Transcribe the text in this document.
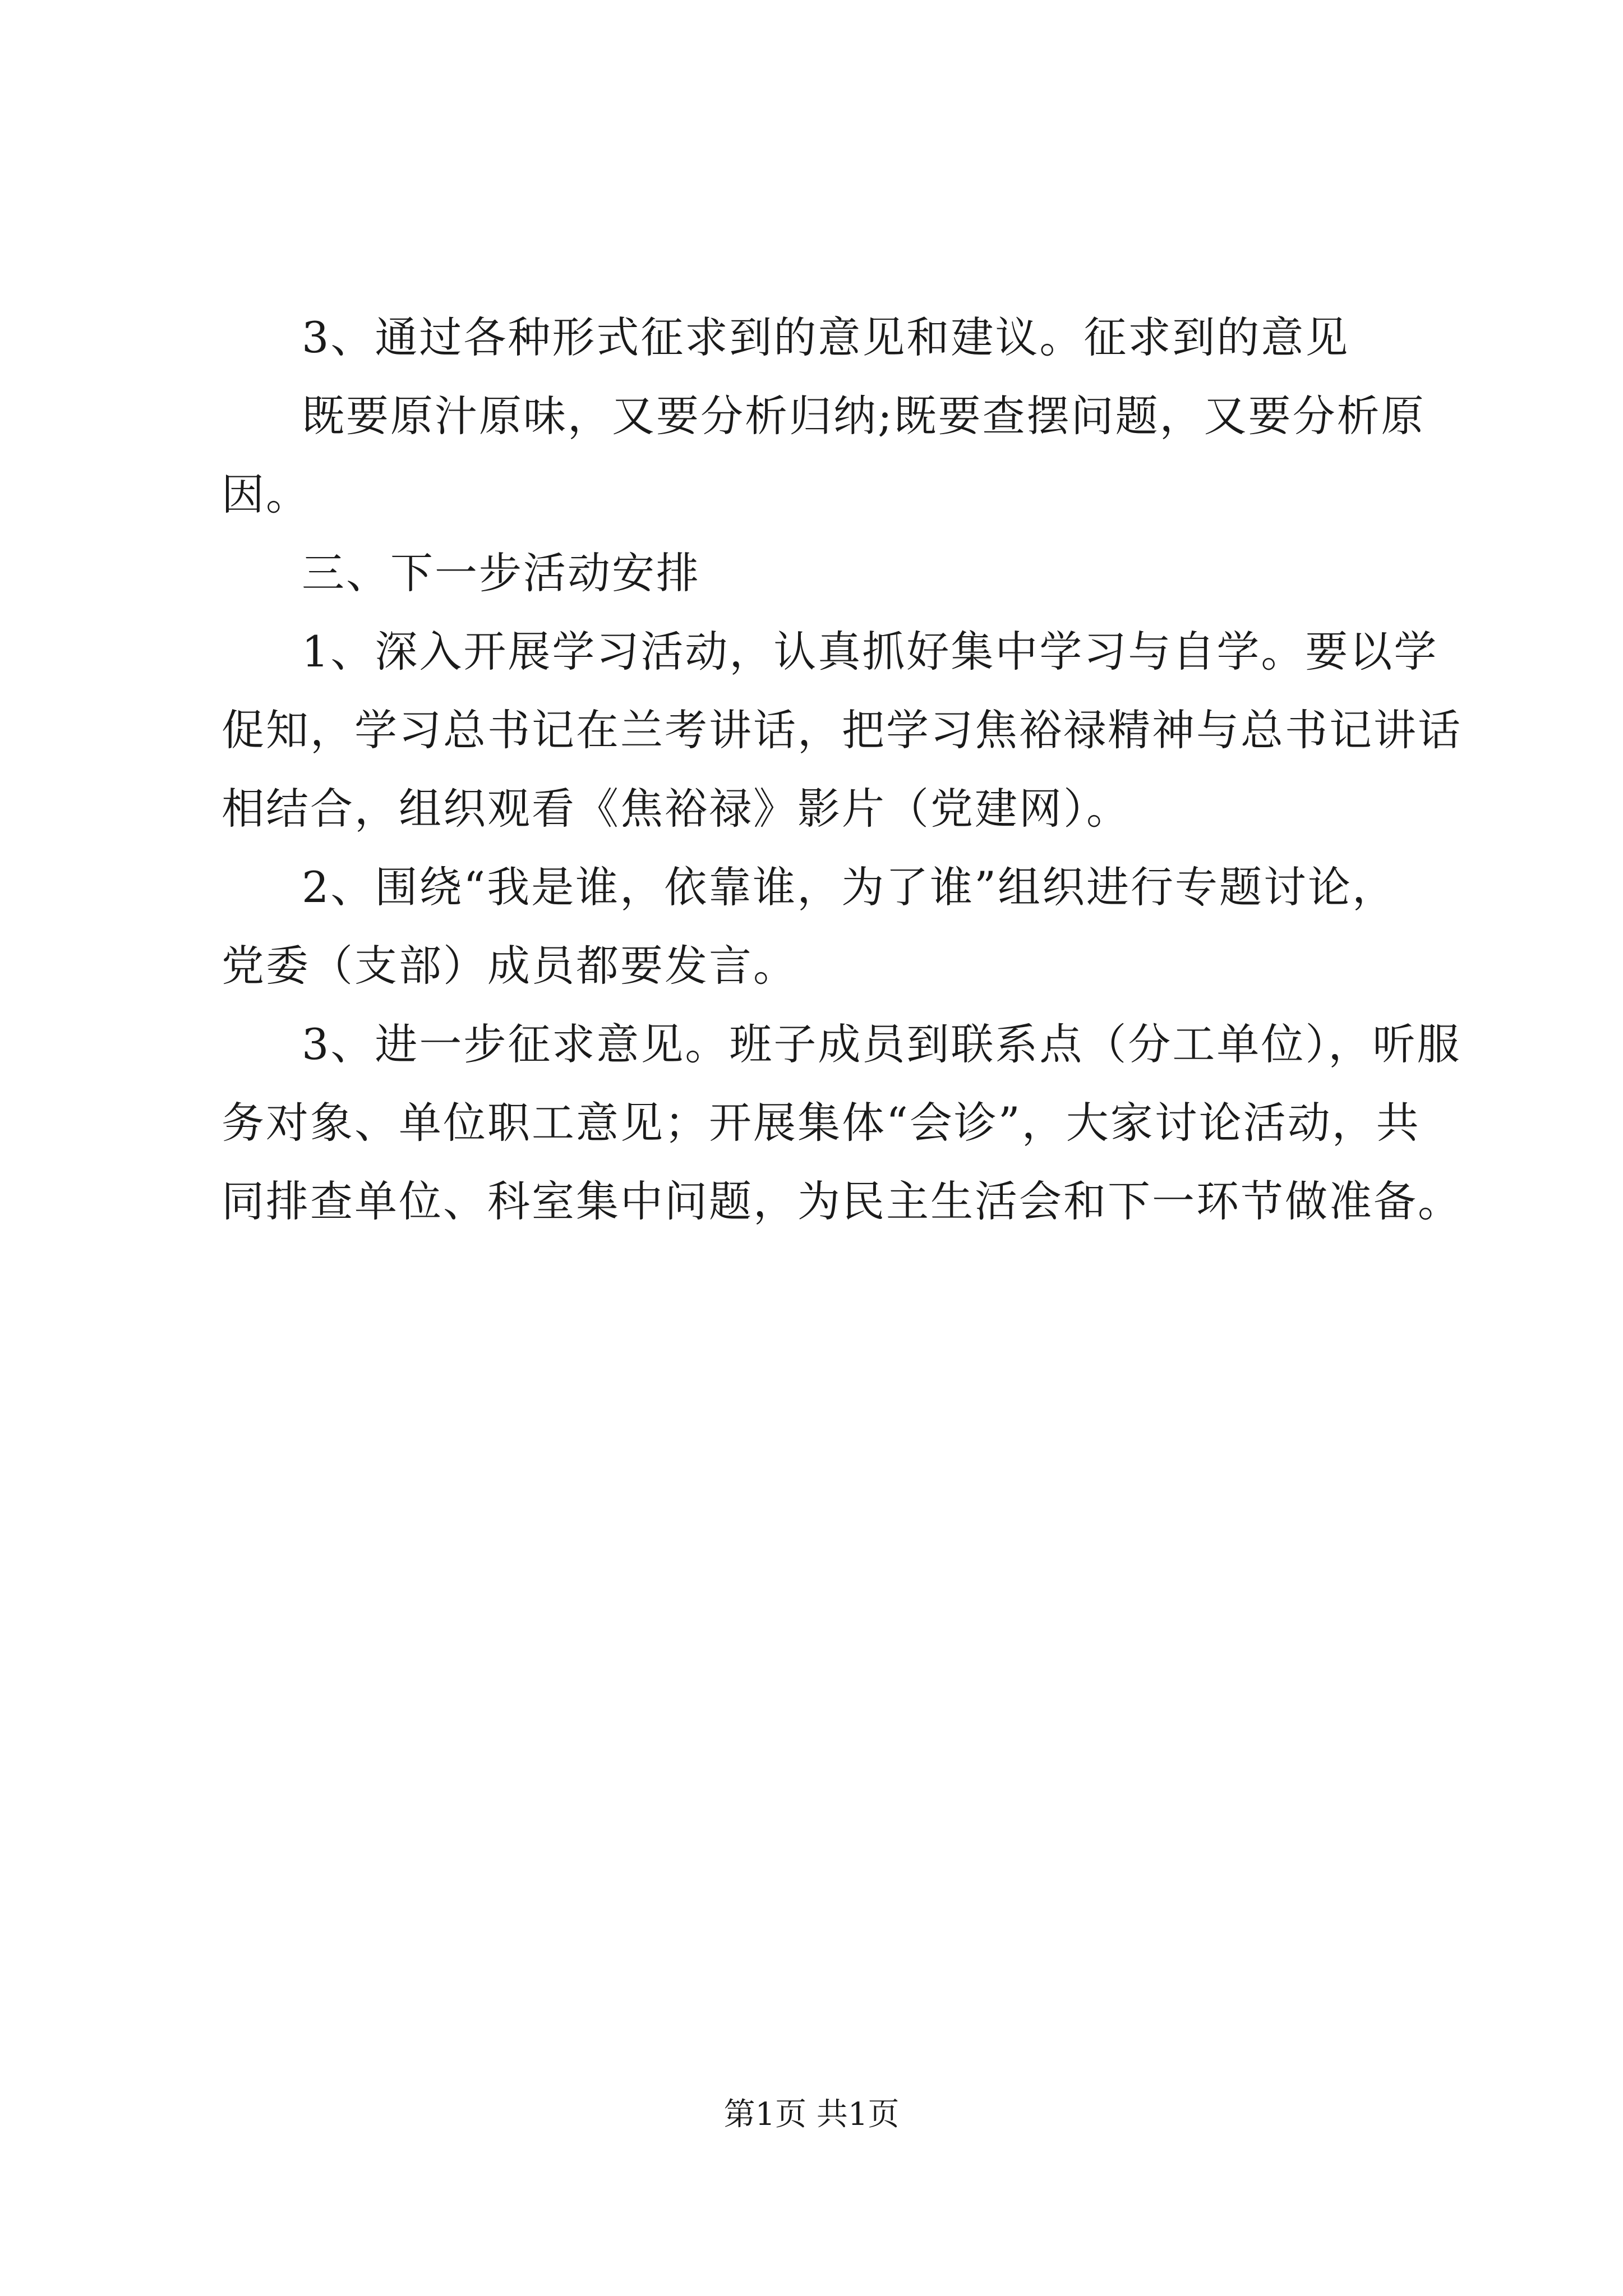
3、通过各种形式征求到的意见和建议。征求到的意见
既要原汁原味，又要分析归纳;既要查摆问题，又要分析原
因。
三、下一步活动安排
1、深入开展学习活动，认真抓好集中学习与自学。要以学
促知，学习总书记在兰考讲话，把学习焦裕禄精神与总书记讲话
相结合，组织观看《焦裕禄》影片（党建网）。
2、围绕“我是谁，依靠谁，为了谁”组织进行专题讨论，
党委（支部）成员都要发言。
3、进一步征求意见。班子成员到联系点（分工单位），听服
务对象、单位职工意见；开展集体“会诊”，大家讨论活动，共
同排查单位、科室集中问题，为民主生活会和下一环节做准备。
第1页 共1页
